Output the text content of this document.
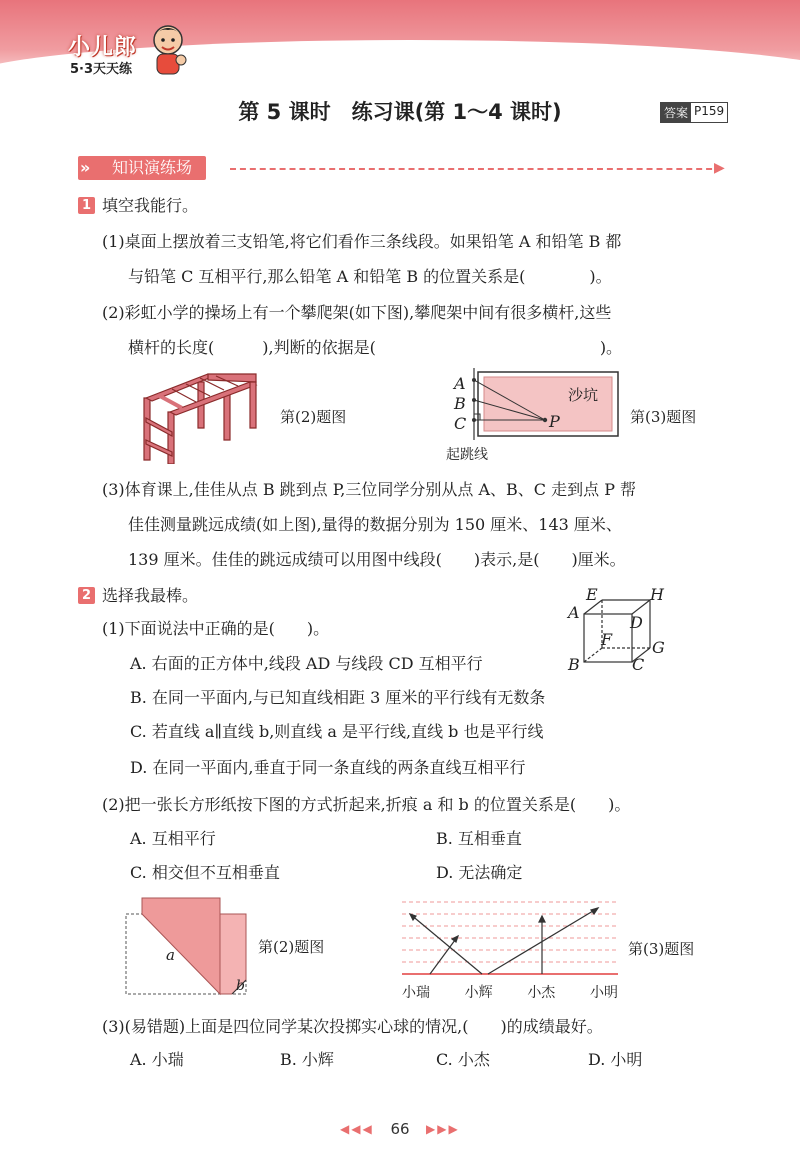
小儿郎
5·3天天练
第 5 课时　练习课(第 1～4 课时)	答案 P159
知识演练场
»	▶
1 填空我能行。
(1)桌面上摆放着三支铅笔,将它们看作三条线段。如果铅笔 A 和铅笔 B 都
与铅笔 C 互相平行,那么铅笔 A 和铅笔 B 的位置关系是(　　　　)。
(2)彩虹小学的操场上有一个攀爬架(如下图),攀爬架中间有很多横杆,这些
横杆的长度(　　　),判断的依据是(　　　　　　　　　　　　　　)。
第(2)题图
A
B
C	P
沙坑
起跳线
第(3)题图
(3)体育课上,佳佳从点 B 跳到点 P,三位同学分别从点 A、B、C 走到点 P 帮
佳佳测量跳远成绩(如上图),量得的数据分别为 150 厘米、143 厘米、
139 厘米。佳佳的跳远成绩可以用图中线段(　　)表示,是(　　)厘米。
2 选择我最棒。
(1)下面说法中正确的是(　　)。
A
B	C
D
E
F G
H
A. 右面的正方体中,线段 AD 与线段 CD 互相平行
B. 在同一平面内,与已知直线相距 3 厘米的平行线有无数条
C. 若直线 a∥直线 b,则直线 a 是平行线,直线 b 也是平行线
D. 在同一平面内,垂直于同一条直线的两条直线互相平行
(2)把一张长方形纸按下图的方式折起来,折痕 a 和 b 的位置关系是(　　)。
A. 互相平行	B. 互相垂直
C. 相交但不互相垂直	D. 无法确定
a
b
第(2)题图
小瑞 小辉 小杰 小明
第(3)题图
(3)(易错题)上面是四位同学某次投掷实心球的情况,(　　)的成绩最好。
A. 小瑞	B. 小辉	C. 小杰	D. 小明
◀◀◀	66	▶▶▶
